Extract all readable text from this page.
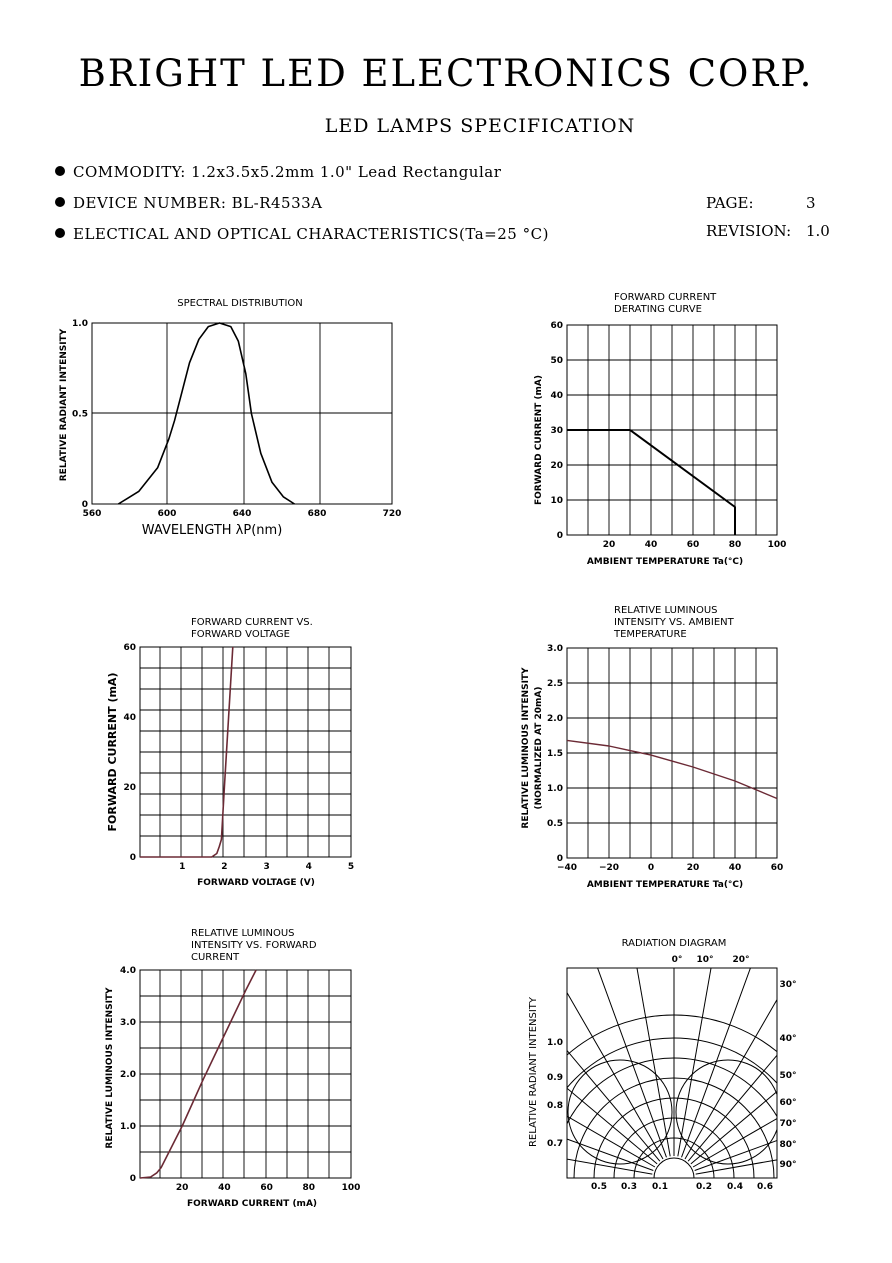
BRIGHT LED ELECTRONICS CORP.
LED LAMPS SPECIFICATION
COMMODITY: 1.2x3.5x5.2mm 1.0" Lead Rectangular
DEVICE NUMBER: BL-R4533A
ELECTICAL AND OPTICAL CHARACTERISTICS(Ta=25 °C)
PAGE:	3
REVISION: 1.0
560	600	640	680	720
0
0.5
1.0
SPECTRAL DISTRIBUTION
WAVELENGTH λP(nm)
RELATIVE RADIANT INTENSITY
20	40	60	80	100
0
10
20
30
40
50
60
FORWARD CURRENT
DERATING CURVE
AMBIENT TEMPERATURE Ta(°C)
FORWARD CURRENT (mA)
1	2	3	4	5
0
20
40
60
FORWARD CURRENT VS.
FORWARD VOLTAGE
FORWARD VOLTAGE (V)
FORWARD CURRENT (mA)
−40 −20	0	20	40	60
0
0.5
1.0
1.5
2.0
2.5
3.0
RELATIVE LUMINOUS
INTENSITY VS. AMBIENT
TEMPERATURE
AMBIENT TEMPERATURE Ta(°C)
RELATIVE LUMINOUS INTENSITY (NORMALIZED AT 20mA)
20	40	60	80	100
0
1.0
2.0
3.0
4.0
RELATIVE LUMINOUS
INTENSITY VS. FORWARD
CURRENT
FORWARD CURRENT (mA)
RELATIVE LUMINOUS INTENSITY
RADIATION DIAGRAM
0° 10° 20°
30°
40°
50°
60°
70°
80°
90°
1.0
0.9
0.8
0.7
0.5 0.3 0.1	0.2 0.4 0.6
RELATIVE RADIANT INTENSITY
